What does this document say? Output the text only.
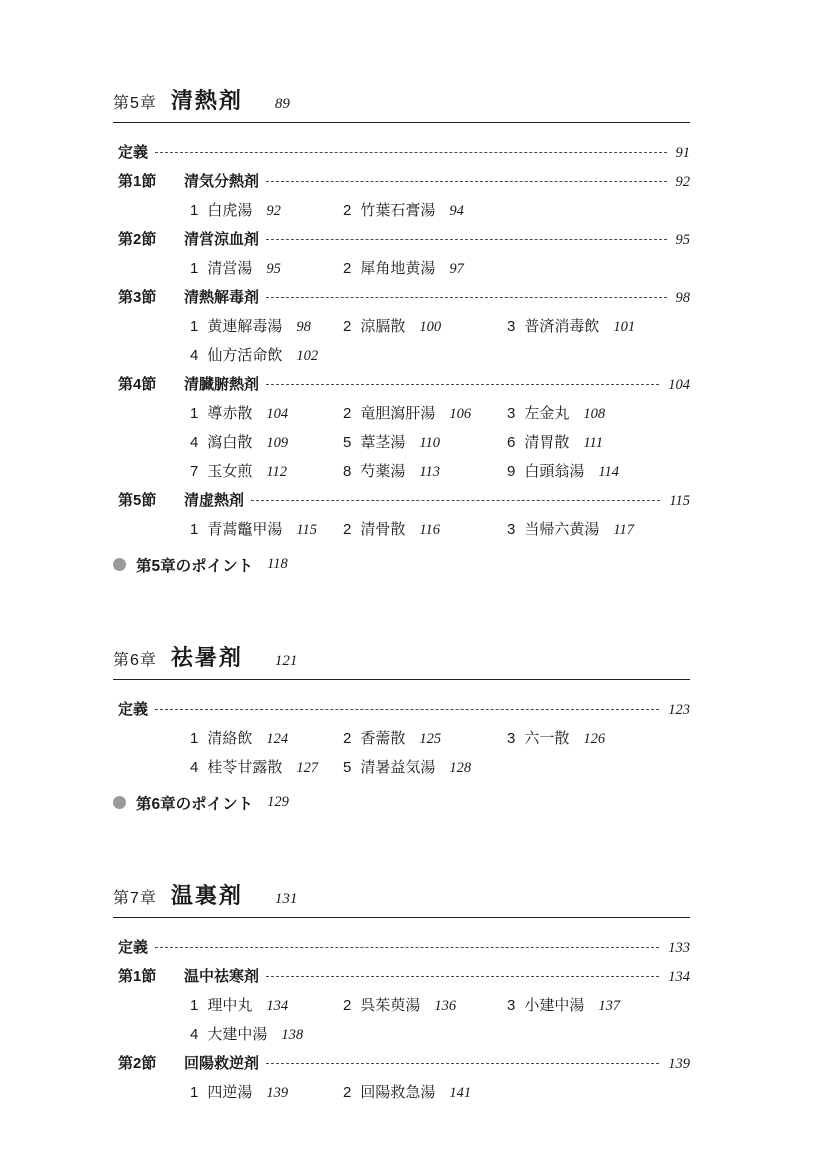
第5章 清熱剤 89
定義	91
第1節	清気分熱剤	92
1 白虎湯 92	2 竹葉石膏湯 94
第2節	清営涼血剤	95
1 清営湯 95	2 犀角地黄湯 97
第3節	清熱解毒剤	98
1 黄連解毒湯 98 2 涼膈散 100	3 普済消毒飲 101
4 仙方活命飲 102
第4節	清臓腑熱剤	104
1 導赤散 104	2 竜胆瀉肝湯 106 3 左金丸 108
4 瀉白散 109	5 葦茎湯 110	6 清胃散 111
7 玉女煎 112	8 芍薬湯 113	9 白頭翁湯 114
第5節	清虚熱剤	115
1 青蒿鼈甲湯 115 2 清骨散 116	3 当帰六黄湯 117
第5章のポイント 118
第6章 祛暑剤 121
定義	123
1 清絡飲 124	2 香薷散 125	3 六一散 126
4 桂苓甘露散 127 5 清暑益気湯 128
第6章のポイント 129
第7章 温裏剤 131
定義	133
第1節	温中祛寒剤	134
1 理中丸 134	2 呉茱萸湯 136	3 小建中湯 137
4 大建中湯 138
第2節	回陽救逆剤	139
1 四逆湯 139	2 回陽救急湯 141
